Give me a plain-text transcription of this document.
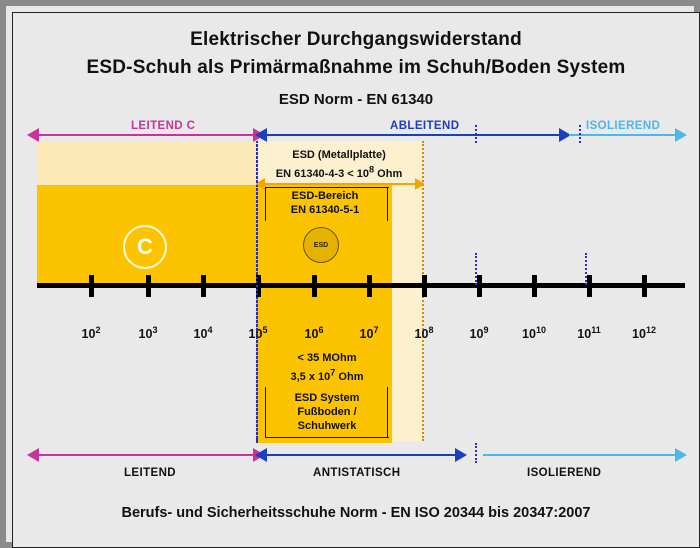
Elektrischer Durchgangswiderstand
ESD-Schuh als Primärmaßnahme im Schuh/Boden System
ESD Norm - EN 61340
LEITEND C	ABLEITEND	ISOLIEREND
ESD (Metallplatte)
EN $61340-4-3 < 10^8$ Ohm
ESD-Bereich
EN 61340-5-1
C	ESD
$10^2$	$10^3$	$10^4$	$10^5$	$10^6$	$10^7$	$10^8$	$10^9$	$10^{10}$	$10^{11}$	$10^{12}$
< 35 MOhm
3,5 x $10^7$ Ohm
ESD System
Fußboden /
Schuhwerk
LEITEND	ANTISTATISCH	ISOLIEREND
Berufs- und Sicherheitsschuhe Norm - EN ISO 20344 bis 20347:2007
